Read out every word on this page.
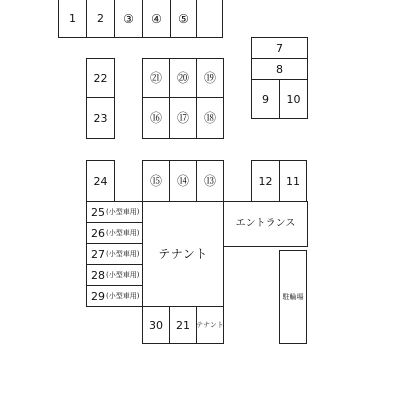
1	2	③	④	⑤
7
8
9	10
22
23
㉑	⑳	⑲
⑯	⑰	⑱
24	⑮	⑭	⑬	12	11
25 (小型車用)
26 (小型車用)
27 (小型車用)
28 (小型車用)
29 (小型車用)
テナント
エントランス
駐輪場
30	21 テナント
